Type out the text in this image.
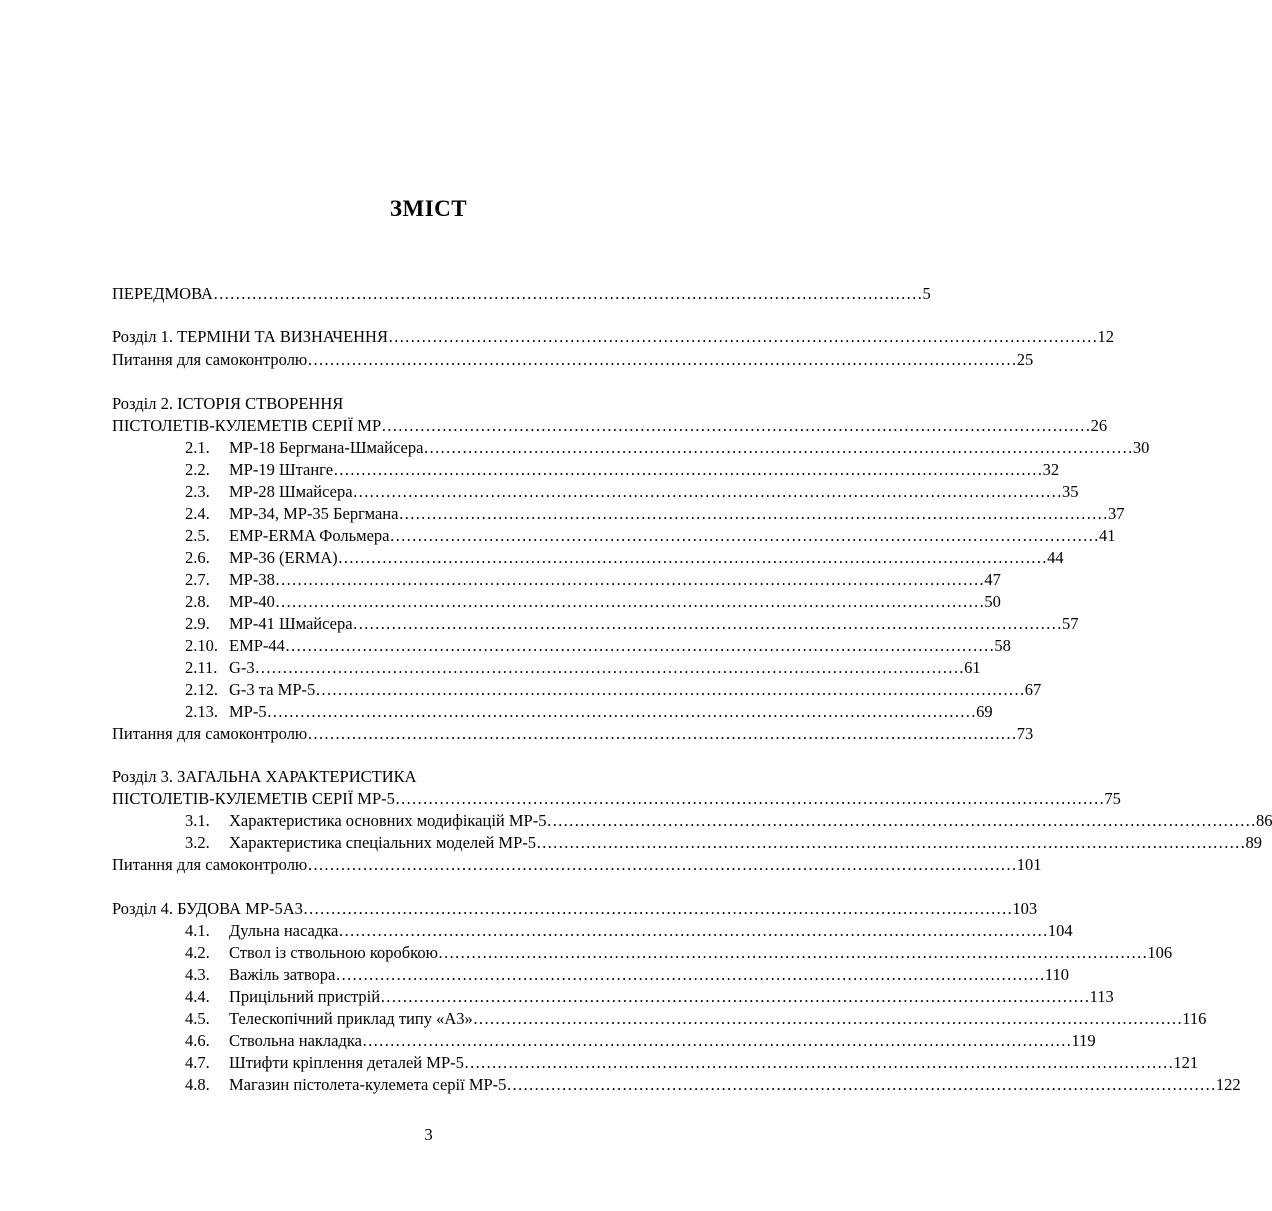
ЗМІСТ
ПЕРЕДМОВА ………………………………………………………………………………………………………………… 5
Розділ 1. ТЕРМІНИ ТА ВИЗНАЧЕННЯ ………………………………………………………………………………………………………………… 12
Питання для самоконтролю ………………………………………………………………………………………………………………… 25
Розділ 2. ІСТОРІЯ СТВОРЕННЯ
ПІСТОЛЕТІВ-КУЛЕМЕТІВ СЕРІЇ МР ………………………………………………………………………………………………………………… 26
2.1.	МР-18 Бергмана-Шмайсера ………………………………………………………………………………………………………………… 30
2.2.	МР-19 Штанге ………………………………………………………………………………………………………………… 32
2.3.	МР-28 Шмайсера ………………………………………………………………………………………………………………… 35
2.4.	МР-34, МР-35 Бергмана ………………………………………………………………………………………………………………… 37
2.5.	ЕМР-ERMA Фольмера ………………………………………………………………………………………………………………… 41
2.6.	МР-36 (ERMA) ………………………………………………………………………………………………………………… 44
2.7.	МР-38 ………………………………………………………………………………………………………………… 47
2.8.	МР-40 ………………………………………………………………………………………………………………… 50
2.9.	МР-41 Шмайсера ………………………………………………………………………………………………………………… 57
2.10. ЕМР-44 ………………………………………………………………………………………………………………… 58
2.11. G-3 ………………………………………………………………………………………………………………… 61
2.12. G-3 та МР-5 ………………………………………………………………………………………………………………… 67
2.13. МР-5 ………………………………………………………………………………………………………………… 69
Питання для самоконтролю ………………………………………………………………………………………………………………… 73
Розділ 3. ЗАГАЛЬНА ХАРАКТЕРИСТИКА
ПІСТОЛЕТІВ-КУЛЕМЕТІВ СЕРІЇ МР-5 ………………………………………………………………………………………………………………… 75
3.1.	Характеристика основних модифікацій МР-5 ………………………………………………………………………………………………………………… 86
3.2.	Характеристика спеціальних моделей МР-5 ………………………………………………………………………………………………………………… 89
Питання для самоконтролю ………………………………………………………………………………………………………………… 101
Розділ 4. БУДОВА МР-5А3 ………………………………………………………………………………………………………………… 103
4.1.	Дульна насадка ………………………………………………………………………………………………………………… 104
4.2.	Ствол із ствольною коробкою ………………………………………………………………………………………………………………… 106
4.3.	Важіль затвора ………………………………………………………………………………………………………………… 110
4.4.	Прицільний пристрій ………………………………………………………………………………………………………………… 113
4.5.	Телескопічний приклад типу «А3» ………………………………………………………………………………………………………………… 116
4.6.	Ствольна накладка ………………………………………………………………………………………………………………… 119
4.7.	Штифти кріплення деталей МР-5 ………………………………………………………………………………………………………………… 121
4.8.	Магазин пістолета-кулемета серії МР-5 ………………………………………………………………………………………………………………… 122
3
